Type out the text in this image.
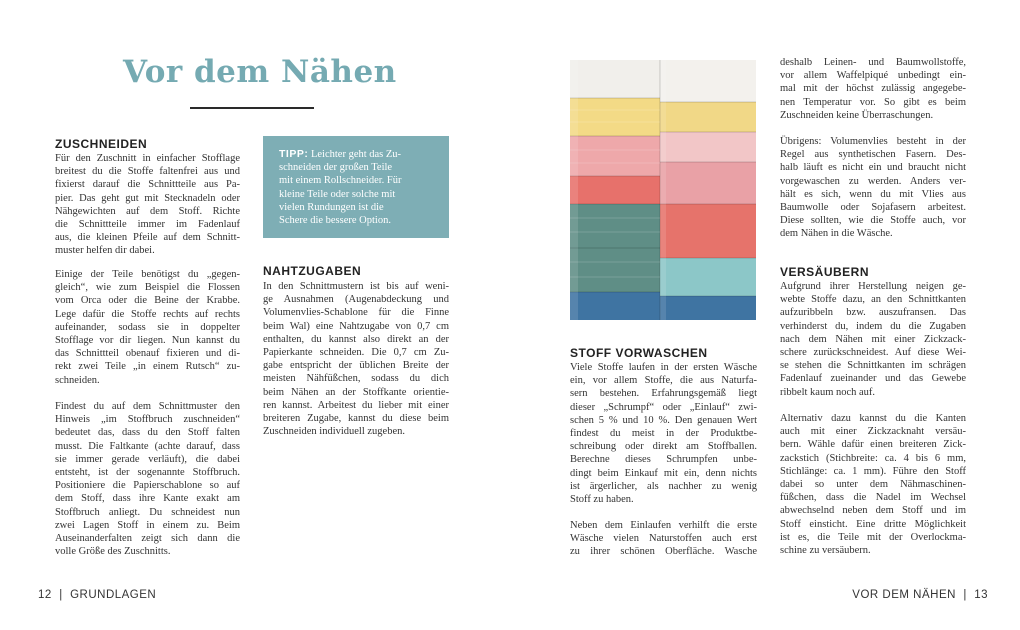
Vor dem Nähen
ZUSCHNEIDEN
Für den Zuschnitt in einfacher Stofflage
breitest du die Stoffe faltenfrei aus und
fixierst darauf die Schnittteile aus Pa-
pier. Das geht gut mit Stecknadeln oder
Nähgewichten auf dem Stoff. Richte
die Schnittteile immer im Fadenlauf
aus, die kleinen Pfeile auf dem Schnitt-
muster helfen dir dabei.
Einige der Teile benötigst du „gegen-
gleich“, wie zum Beispiel die Flossen
vom Orca oder die Beine der Krabbe.
Lege dafür die Stoffe rechts auf rechts
aufeinander, sodass sie in doppelter
Stofflage vor dir liegen. Nun kannst du
das Schnittteil obenauf fixieren und di-
rekt zwei Teile „in einem Rutsch“ zu-
schneiden.
Findest du auf dem Schnittmuster den
Hinweis „im Stoffbruch zuschneiden“
bedeutet das, dass du den Stoff falten
musst. Die Faltkante (achte darauf, dass
sie immer gerade verläuft), die dabei
entsteht, ist der sogenannte Stoffbruch.
Positioniere die Papierschablone so auf
dem Stoff, dass ihre Kante exakt am
Stoffbruch anliegt. Du schneidest nun
zwei Lagen Stoff in einem zu. Beim
Auseinanderfalten zeigt sich dann die
volle Größe des Zuschnitts.
TIPP: Leichter geht das Zu-
schneiden der großen Teile
mit einem Rollschneider. Für
kleine Teile oder solche mit
vielen Rundungen ist die
Schere die bessere Option.
NAHTZUGABEN
In den Schnittmustern ist bis auf weni-
ge Ausnahmen (Augenabdeckung und
Volumenvlies-Schablone für die Finne
beim Wal) eine Nahtzugabe von 0,7 cm
enthalten, du kannst also direkt an der
Papierkante schneiden. Die 0,7 cm Zu-
gabe entspricht der üblichen Breite der
meisten Nähfüßchen, sodass du dich
beim Nähen an der Stoffkante orientie-
ren kannst. Arbeitest du lieber mit einer
breiteren Zugabe, kannst du diese beim
Zuschneiden individuell zugeben.
12 | GRUNDLAGEN
STOFF VORWASCHEN
Viele Stoffe laufen in der ersten Wäsche
ein, vor allem Stoffe, die aus Naturfa-
sern bestehen. Erfahrungsgemäß liegt
dieser „Schrumpf“ oder „Einlauf“ zwi-
schen 5 % und 10 %. Den genauen Wert
findest du meist in der Produktbe-
schreibung oder direkt am Stoffballen.
Berechne dieses Schrumpfen unbe-
dingt beim Einkauf mit ein, denn nichts
ist ärgerlicher, als nachher zu wenig
Stoff zu haben.
Neben dem Einlaufen verhilft die erste
Wäsche vielen Naturstoffen auch erst
zu ihrer schönen Oberfläche. Wasche
deshalb Leinen- und Baumwollstoffe,
vor allem Waffelpiqué unbedingt ein-
mal mit der höchst zulässig angegebe-
nen Temperatur vor. So gibt es beim
Zuschneiden keine Überraschungen.
Übrigens: Volumenvlies besteht in der
Regel aus synthetischen Fasern. Des-
halb läuft es nicht ein und braucht nicht
vorgewaschen zu werden. Anders ver-
hält es sich, wenn du mit Vlies aus
Baumwolle oder Sojafasern arbeitest.
Diese sollten, wie die Stoffe auch, vor
dem Nähen in die Wäsche.
VERSÄUBERN
Aufgrund ihrer Herstellung neigen ge-
webte Stoffe dazu, an den Schnittkanten
aufzuribbeln bzw. auszufransen. Das
verhinderst du, indem du die Zugaben
nach dem Nähen mit einer Zickzack-
schere zurückschneidest. Auf diese Wei-
se stehen die Schnittkanten im schrägen
Fadenlauf zueinander und das Gewebe
ribbelt kaum noch auf.
Alternativ dazu kannst du die Kanten
auch mit einer Zickzacknaht versäu-
bern. Wähle dafür einen breiteren Zick-
zackstich (Stichbreite: ca. 4 bis 6 mm,
Stichlänge: ca. 1 mm). Führe den Stoff
dabei so unter dem Nähmaschinen-
füßchen, dass die Nadel im Wechsel
abwechselnd neben dem Stoff und im
Stoff einsticht. Eine dritte Möglichkeit
ist es, die Teile mit der Overlockma-
schine zu versäubern.
VOR DEM NÄHEN | 13
